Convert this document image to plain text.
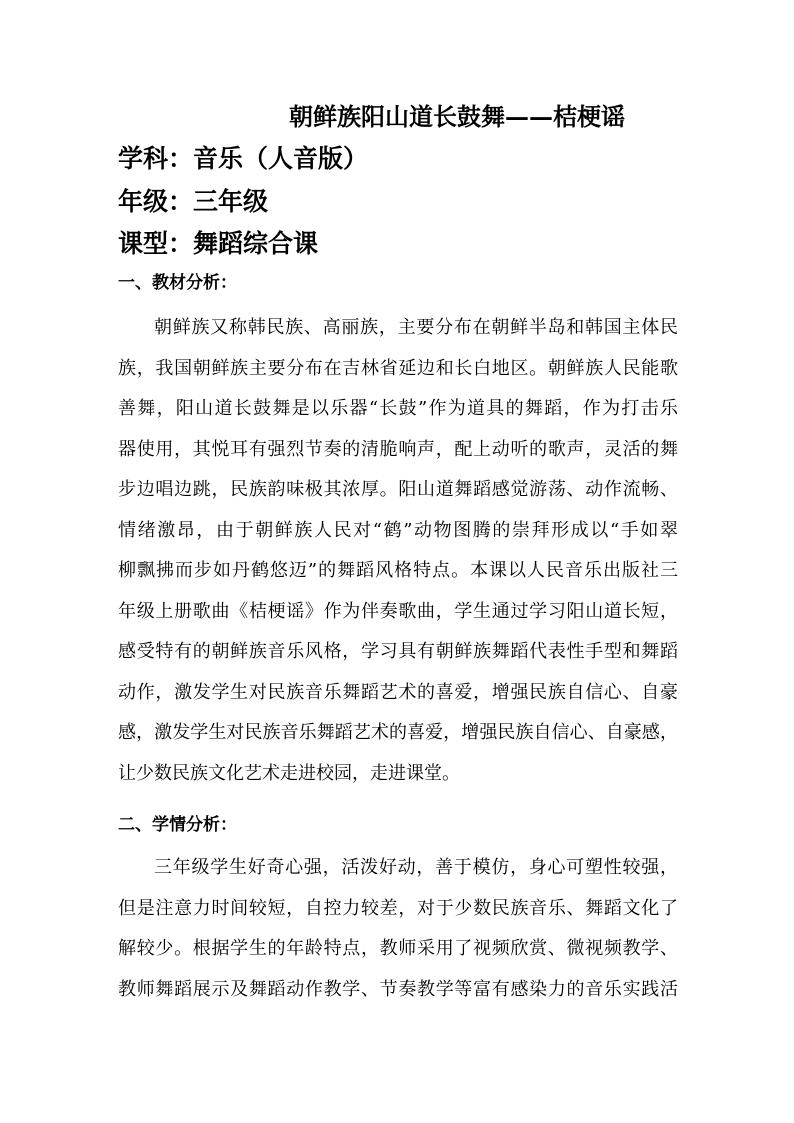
朝鲜族阳山道长鼓舞——桔梗谣
学科：音乐（人音版）
年级：三年级
课型：舞蹈综合课
一、教材分析：

朝鲜族又称韩民族、高丽族，主要分布在朝鲜半岛和韩国主体民
族，我国朝鲜族主要分布在吉林省延边和长白地区。朝鲜族人民能歌
善舞，阳山道长鼓舞是以乐器“长鼓”作为道具的舞蹈，作为打击乐
器使用，其悦耳有强烈节奏的清脆响声，配上动听的歌声，灵活的舞
步边唱边跳，民族韵味极其浓厚。阳山道舞蹈感觉游荡、动作流畅、
情绪激昂，由于朝鲜族人民对“鹤”动物图腾的崇拜形成以“手如翠
柳飘拂而步如丹鹤悠迈”的舞蹈风格特点。本课以人民音乐出版社三
年级上册歌曲《桔梗谣》作为伴奏歌曲，学生通过学习阳山道长短，
感受特有的朝鲜族音乐风格，学习具有朝鲜族舞蹈代表性手型和舞蹈
动作，激发学生对民族音乐舞蹈艺术的喜爱，增强民族自信心、自豪
感，激发学生对民族音乐舞蹈艺术的喜爱，增强民族自信心、自豪感，
让少数民族文化艺术走进校园，走进课堂。

二、学情分析：

三年级学生好奇心强，活泼好动，善于模仿，身心可塑性较强，
但是注意力时间较短，自控力较差，对于少数民族音乐、舞蹈文化了
解较少。根据学生的年龄特点，教师采用了视频欣赏、微视频教学、
教师舞蹈展示及舞蹈动作教学、节奏教学等富有感染力的音乐实践活
